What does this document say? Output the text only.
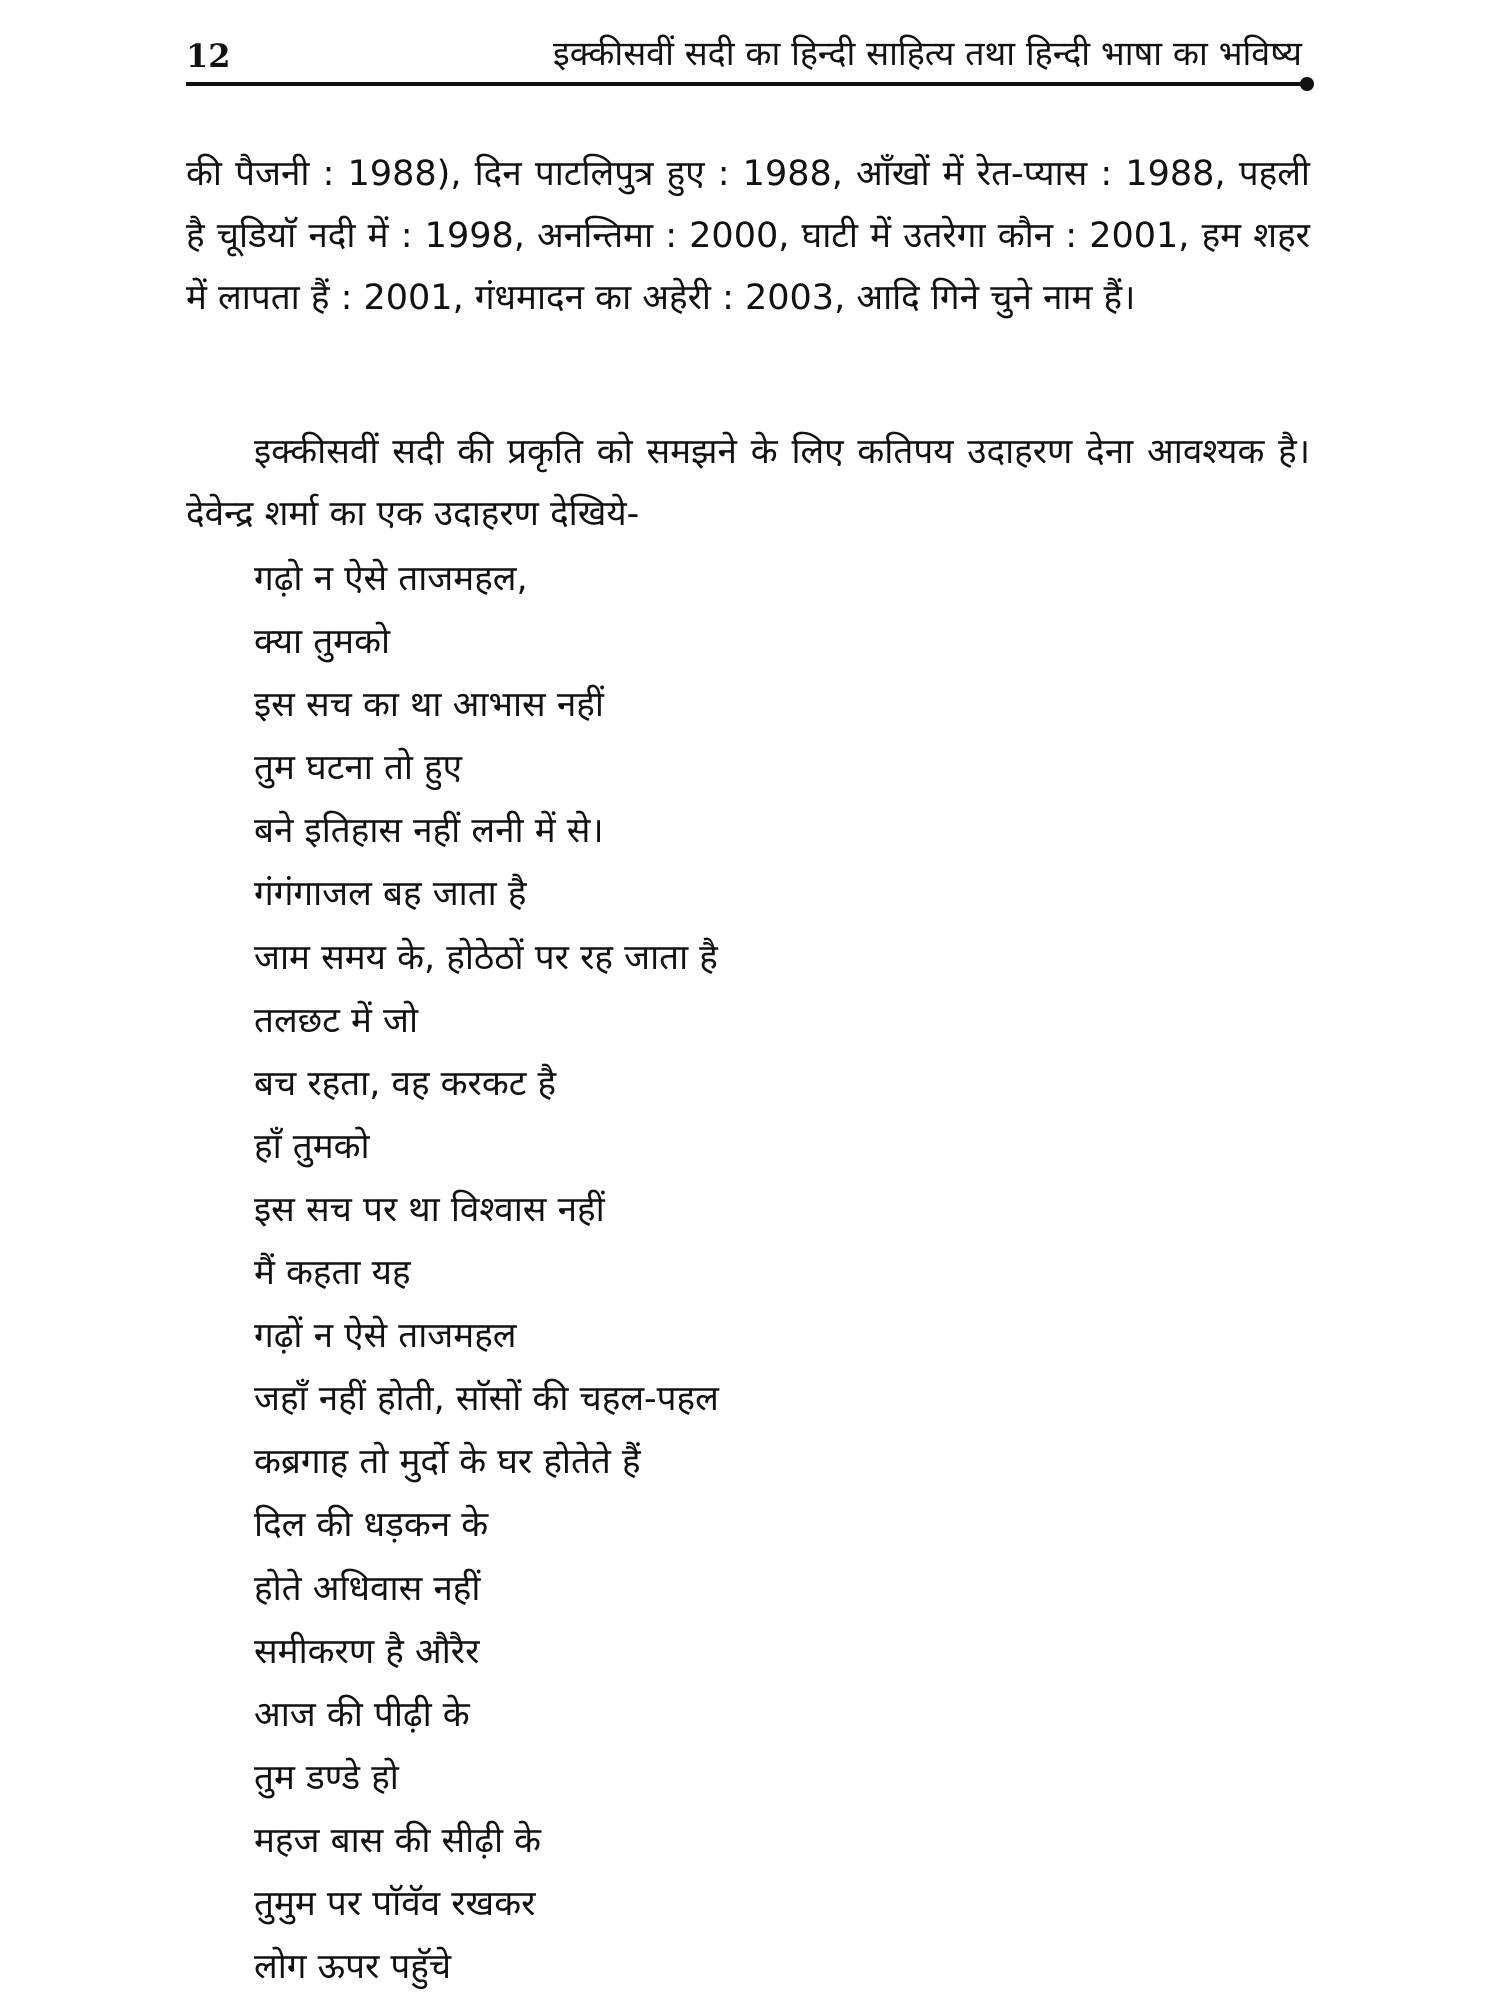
12	इक्कीसवीं सदी का हिन्दी साहित्य तथा हिन्दी भाषा का भविष्य

की पैजनी : 1988), दिन पाटलिपुत्र हुए : 1988, आँखों में रेत-प्यास : 1988, पहली है चूडियाॅ नदी में : 1998, अनन्तिमा : 2000, घाटी में उतरेगा कौन : 2001, हम शहर में लापता हैं : 2001, गंधमादन का अहेरी : 2003, आदि गिने चुने नाम हैं।

इक्कीसवीं सदी की प्रकृति को समझने के लिए कतिपय उदाहरण देना आवश्यक है। देवेन्द्र शर्मा का एक उदाहरण देखिये-

गढ़ो न ऐसे ताजमहल,
क्या तुमको
इस सच का था आभास नहीं
तुम घटना तो हुए
बने इतिहास नहीं लनी में से।
गंगंगाजल बह जाता है
जाम समय के, होठेठों पर रह जाता है
तलछट में जो
बच रहता, वह करकट है
हाँ तुमको
इस सच पर था विश्वास नहीं
मैं कहता यह
गढ़ों न ऐसे ताजमहल
जहाँ नहीं होती, साॅसों की चहल-पहल
कब्रगाह तो मुर्दो के घर होतेते हैं
दिल की धड़कन के
होते अधिवास नहीं
समीकरण है औरैर
आज की पीढ़ी के
तुम डण्डे हो
महज बास की सीढ़ी के
तुमुम पर पाॅवॅव रखकर
लोग ऊपर पहुॅचे
